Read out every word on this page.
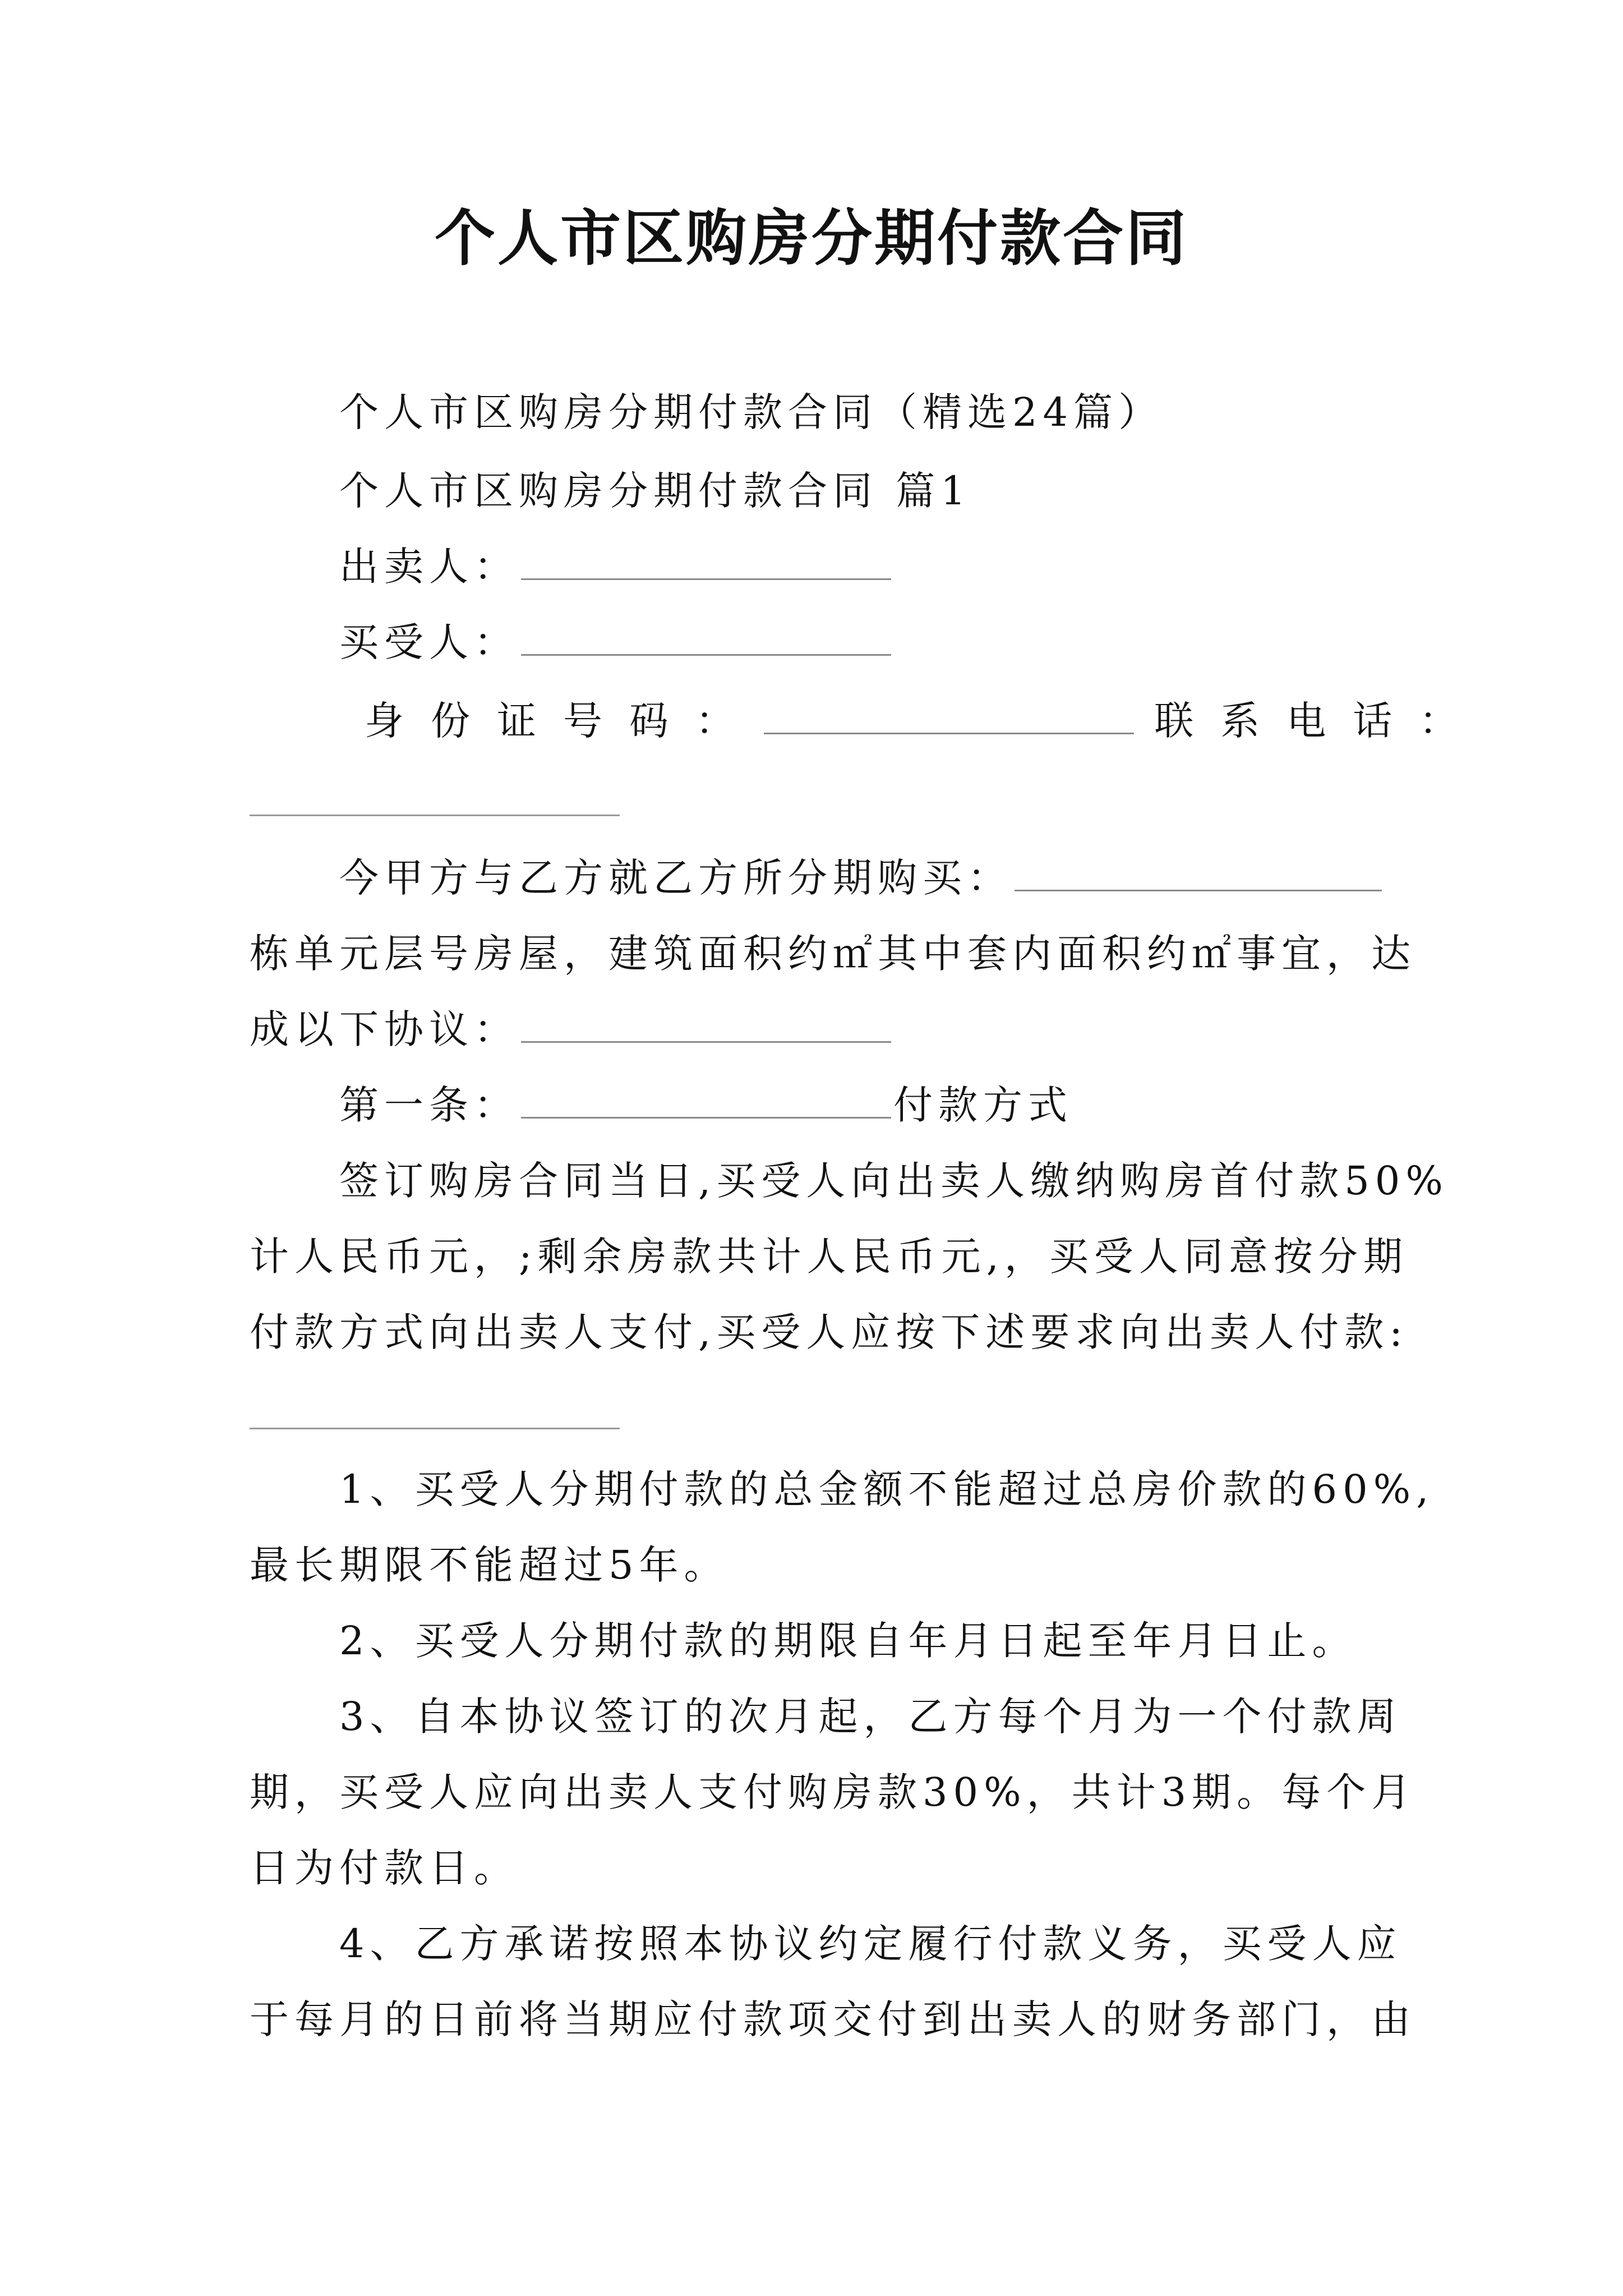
个人市区购房分期付款合同
个人市区购房分期付款合同（精选24篇）
个人市区购房分期付款合同 篇1
出卖人：
买受人：
身份证号码：	联系电话：
今甲方与乙方就乙方所分期购买：
栋单元层号房屋，建筑面积约㎡其中套内面积约㎡事宜，达
成以下协议：
第一条：	付款方式
签订购房合同当日,买受人向出卖人缴纳购房首付款50%
计人民币元，;剩余房款共计人民币元,，买受人同意按分期
付款方式向出卖人支付,买受人应按下述要求向出卖人付款:
1、买受人分期付款的总金额不能超过总房价款的60%,
最长期限不能超过5年。
2、买受人分期付款的期限自年月日起至年月日止。
3、自本协议签订的次月起，乙方每个月为一个付款周
期，买受人应向出卖人支付购房款30%，共计3期。每个月
日为付款日。
4、乙方承诺按照本协议约定履行付款义务，买受人应
于每月的日前将当期应付款项交付到出卖人的财务部门，由
